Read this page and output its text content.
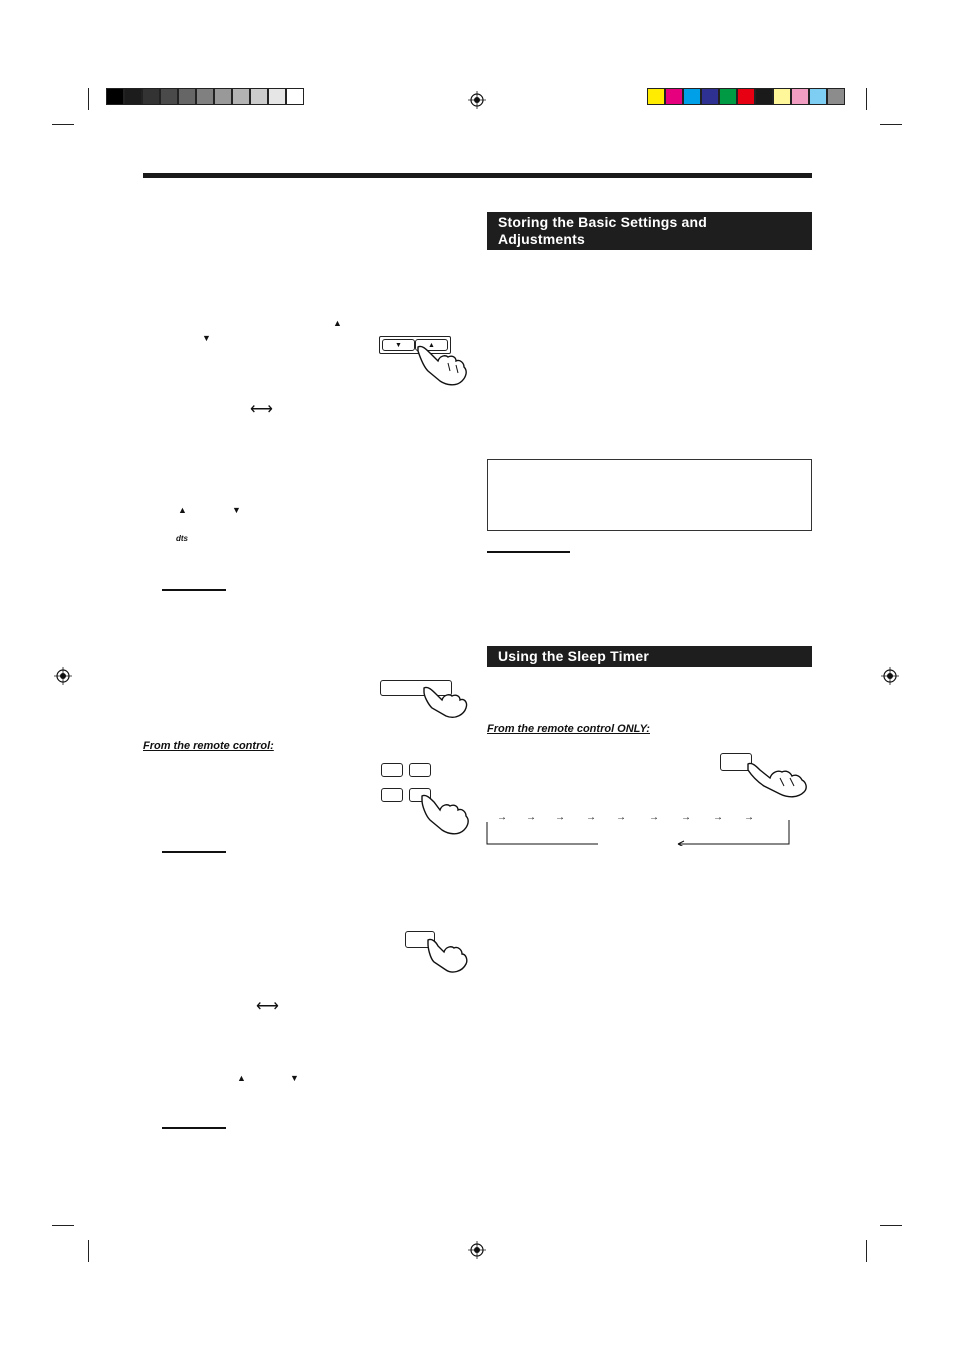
Storing the Basic Settings and
Adjustments
Using the Sleep Timer
From the remote control ONLY:
→ → → → → → → → →
▲
▼
▼	▲
⟷
▲	▼
dts
From the remote control:
⟷
▲	▼
